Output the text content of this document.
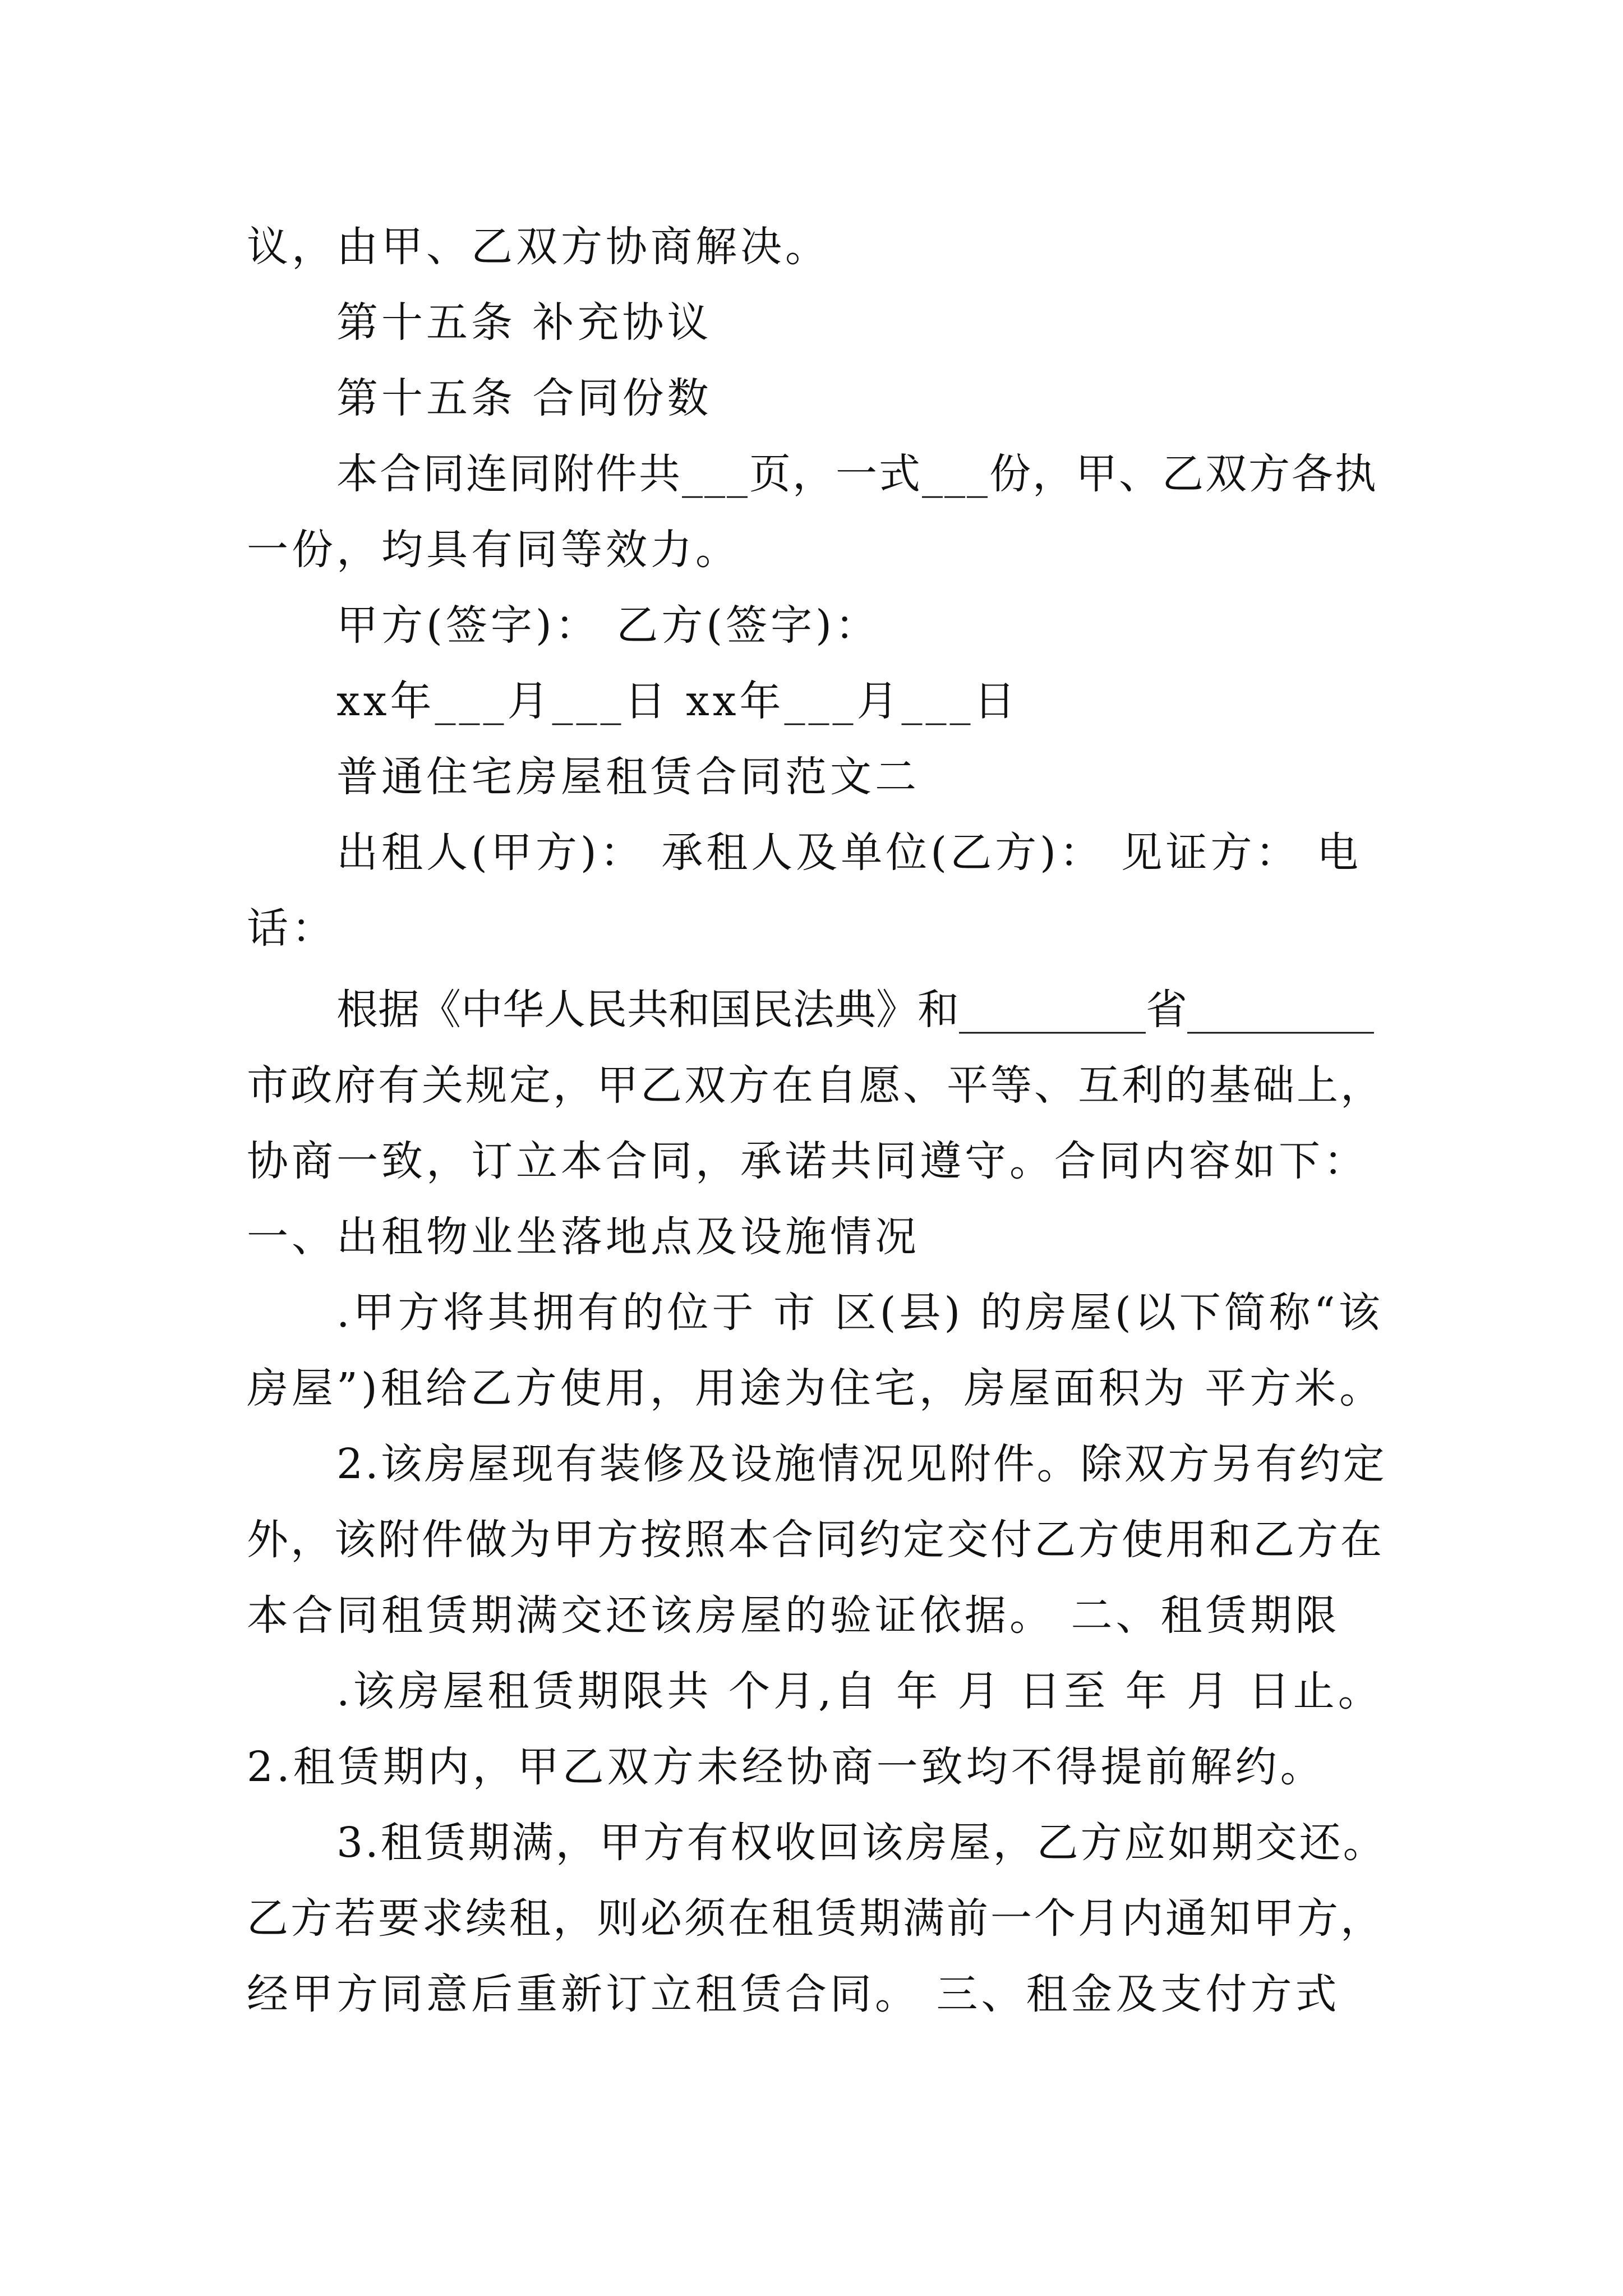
议，由甲、乙双方协商解决。
第十五条 补充协议
第十五条 合同份数
本合同连同附件共___页，一式___份，甲、乙双方各执
一份，均具有同等效力。
甲方(签字)： 乙方(签字)：
xx年___月___日 xx年___月___日
普通住宅房屋租赁合同范文二
出租人(甲方)： 承租人及单位(乙方)： 见证方： 电
话：
根据《中华人民共和国民法典》和_________省_________
市政府有关规定，甲乙双方在自愿、平等、互利的基础上，
协商一致，订立本合同，承诺共同遵守。合同内容如下：
一、出租物业坐落地点及设施情况
.甲方将其拥有的位于 市 区(县) 的房屋(以下简称“该
房屋”)租给乙方使用，用途为住宅，房屋面积为 平方米。
2.该房屋现有装修及设施情况见附件。除双方另有约定
外，该附件做为甲方按照本合同约定交付乙方使用和乙方在
本合同租赁期满交还该房屋的验证依据。 二、租赁期限
.该房屋租赁期限共 个月,自 年 月 日至 年 月 日止。
2.租赁期内，甲乙双方未经协商一致均不得提前解约。
3.租赁期满，甲方有权收回该房屋，乙方应如期交还。
乙方若要求续租，则必须在租赁期满前一个月内通知甲方，
经甲方同意后重新订立租赁合同。 三、租金及支付方式
